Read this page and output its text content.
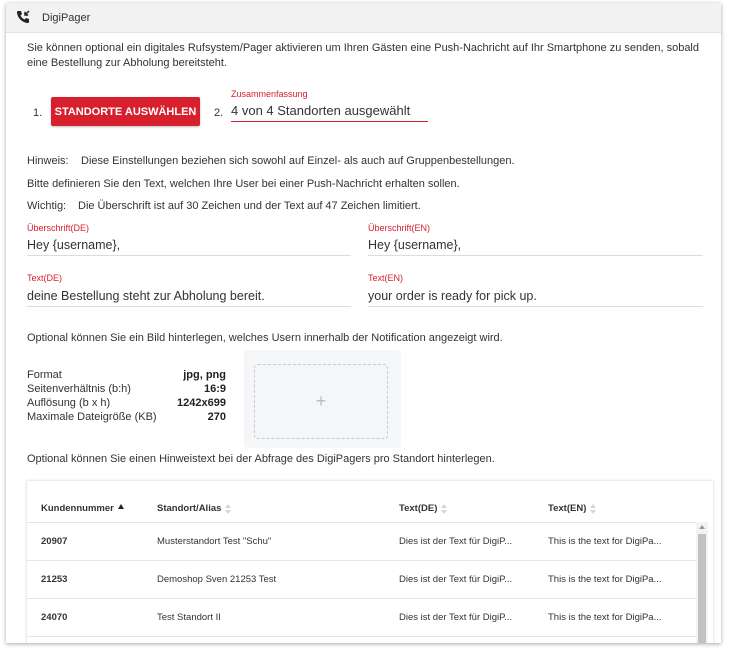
DigiPager
Sie können optional ein digitales Rufsystem/Pager aktivieren um Ihren Gästen eine Push-Nachricht auf Ihr Smartphone zu senden, sobald eine Bestellung zur Abholung bereitsteht.
1.	STANDORTE AUSWÄHLEN	2.
Zusammenfassung
4 von 4 Standorten ausgewählt
Hinweis: Diese Einstellungen beziehen sich sowohl auf Einzel- als auch auf Gruppenbestellungen.
Bitte definieren Sie den Text, welchen Ihre User bei einer Push-Nachricht erhalten sollen.
Wichtig: Die Überschrift ist auf 30 Zeichen und der Text auf 47 Zeichen limitiert.
Überschrift(DE)
Hey {username},	Überschrift(EN)
Hey {username},
Text(DE)
deine Bestellung steht zur Abholung bereit.	Text(EN)
your order is ready for pick up.
Optional können Sie ein Bild hinterlegen, welches Usern innerhalb der Notification angezeigt wird.
Format	jpg, png
Seitenverhältnis (b:h)	16:9
Auflösung (b x h)	1242x699
Maximale Dateigröße (KB)	270
+
Optional können Sie einen Hinweistext bei der Abfrage des DigiPagers pro Standort hinterlegen.
Kundennummer	Standort/Alias	Text(DE)	Text(EN)
20907	Musterstandort Test "Schu"	Dies ist der Text für DigiP...	This is the text for DigiPa...
21253	Demoshop Sven 21253 Test	Dies ist der Text für DigiP...	This is the text for DigiPa...
24070	Test Standort II	Dies ist der Text für DigiP...	This is the text for DigiPa...
